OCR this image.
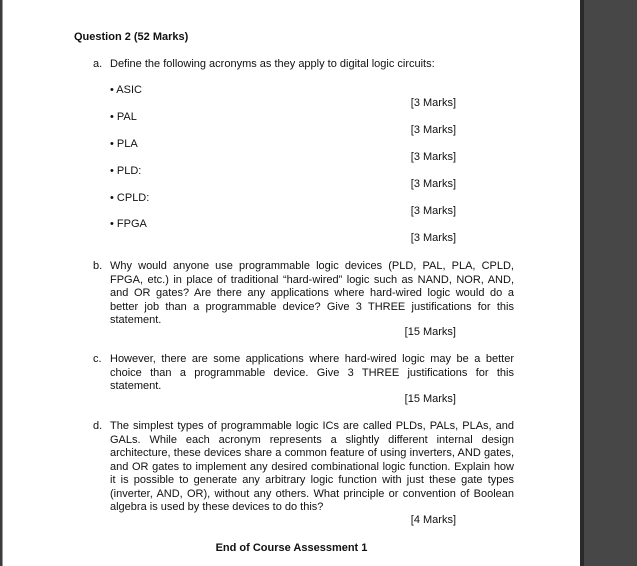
Question 2 (52 Marks)
a. Define the following acronyms as they apply to digital logic circuits:
• ASIC
[3 Marks]
• PAL
[3 Marks]
• PLA
[3 Marks]
• PLD:
[3 Marks]
• CPLD:
[3 Marks]
• FPGA
[3 Marks]
b. Why would anyone use programmable logic devices (PLD, PAL, PLA, CPLD, FPGA, etc.) in place of traditional “hard-wired” logic such as NAND, NOR, AND, and OR gates? Are there any applications where hard-wired logic would do a better job than a programmable device? Give 3 THREE justifications for this statement.
[15 Marks]
c. However, there are some applications where hard-wired logic may be a better choice than a programmable device. Give 3 THREE justifications for this statement.
[15 Marks]
d. The simplest types of programmable logic ICs are called PLDs, PALs, PLAs, and GALs. While each acronym represents a slightly different internal design architecture, these devices share a common feature of using inverters, AND gates, and OR gates to implement any desired combinational logic function. Explain how it is possible to generate any arbitrary logic function with just these gate types (inverter, AND, OR), without any others. What principle or convention of Boolean algebra is used by these devices to do this?
[4 Marks]
End of Course Assessment 1
